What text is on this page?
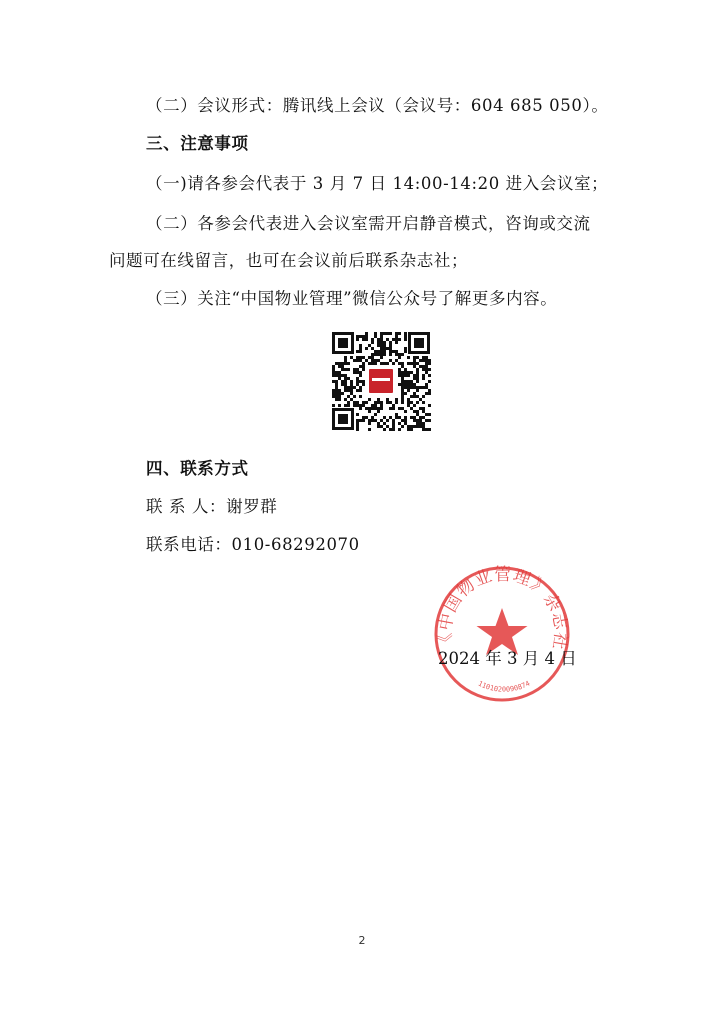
（二）会议形式：腾讯线上会议（会议号：604 685 050）。
三、注意事项
（一)请各参会代表于 3 月 7 日 14:00-14:20 进入会议室；
（二）各参会代表进入会议室需开启静音模式，咨询或交流
问题可在线留言，也可在会议前后联系杂志社；
（三）关注“中国物业管理”微信公众号了解更多内容。
四、联系方式
联 系 人：谢罗群
联系电话：010-68292070
《中国物业管理》杂志社
1101020090874
2024 年 3 月 4 日
2
